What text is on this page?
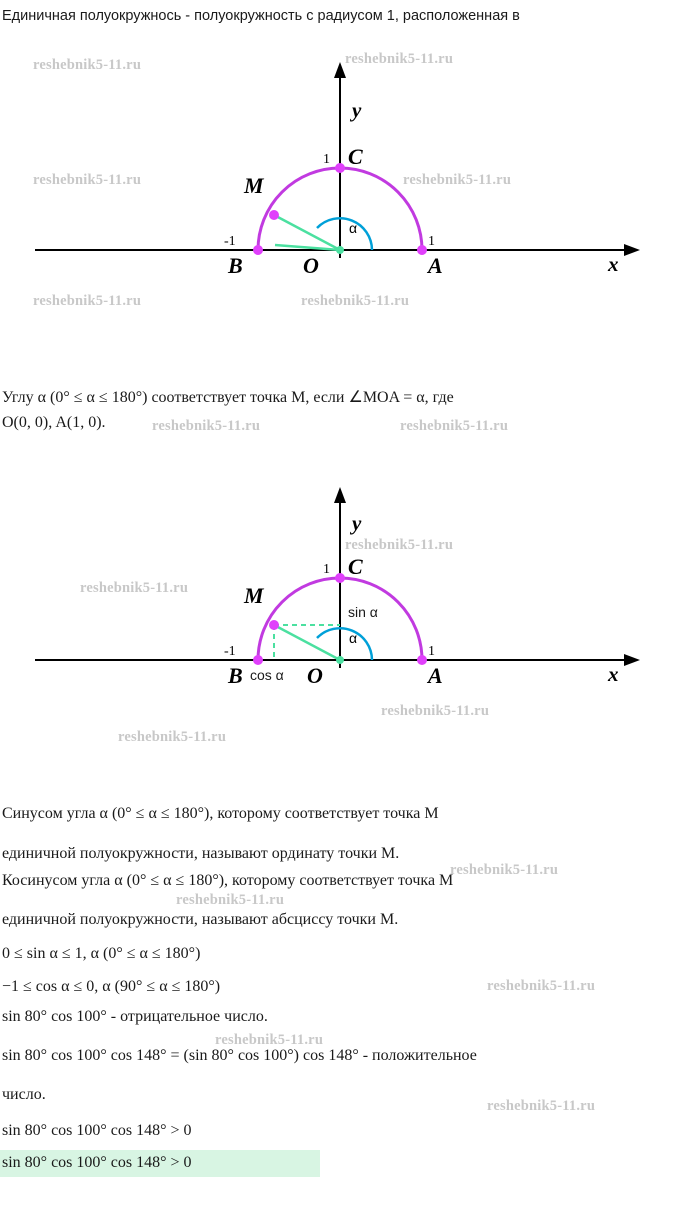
Единичная полуокружнось - полуокружность с радиусом 1, расположенная в
y
x
C
1
M
B
-1
O	A
1
α
Углу α (0° ≤ α ≤ 180°) соответствует точка M, если ∠MOA = α, где
O(0, 0), A(1, 0).
y
x
C
1
M
B
-1
O	A
1
α
sin α
cos α
Синусом угла α (0° ≤ α ≤ 180°), которому соответствует точка M
единичной полуокружности, называют ординату точки M.
Косинусом угла α (0° ≤ α ≤ 180°), которому соответствует точка M
единичной полуокружности, называют абсциссу точки M.
0 ≤ sin α ≤ 1, α (0° ≤ α ≤ 180°)
−1 ≤ cos α ≤ 0, α (90° ≤ α ≤ 180°)
sin 80° cos 100° - отрицательное число.
sin 80° cos 100° cos 148° = (sin 80° cos 100°) cos 148° - положительное
число.
sin 80° cos 100° cos 148° > 0
sin 80° cos 100° cos 148° > 0
reshebnik5-11.ru	reshebnik5-11.ru
reshebnik5-11.ru	reshebnik5-11.ru
reshebnik5-11.ru	reshebnik5-11.ru
reshebnik5-11.ru	reshebnik5-11.ru
reshebnik5-11.ru
reshebnik5-11.ru
reshebnik5-11.ru
reshebnik5-11.ru
reshebnik5-11.ru
reshebnik5-11.ru
reshebnik5-11.ru
reshebnik5-11.ru
reshebnik5-11.ru
